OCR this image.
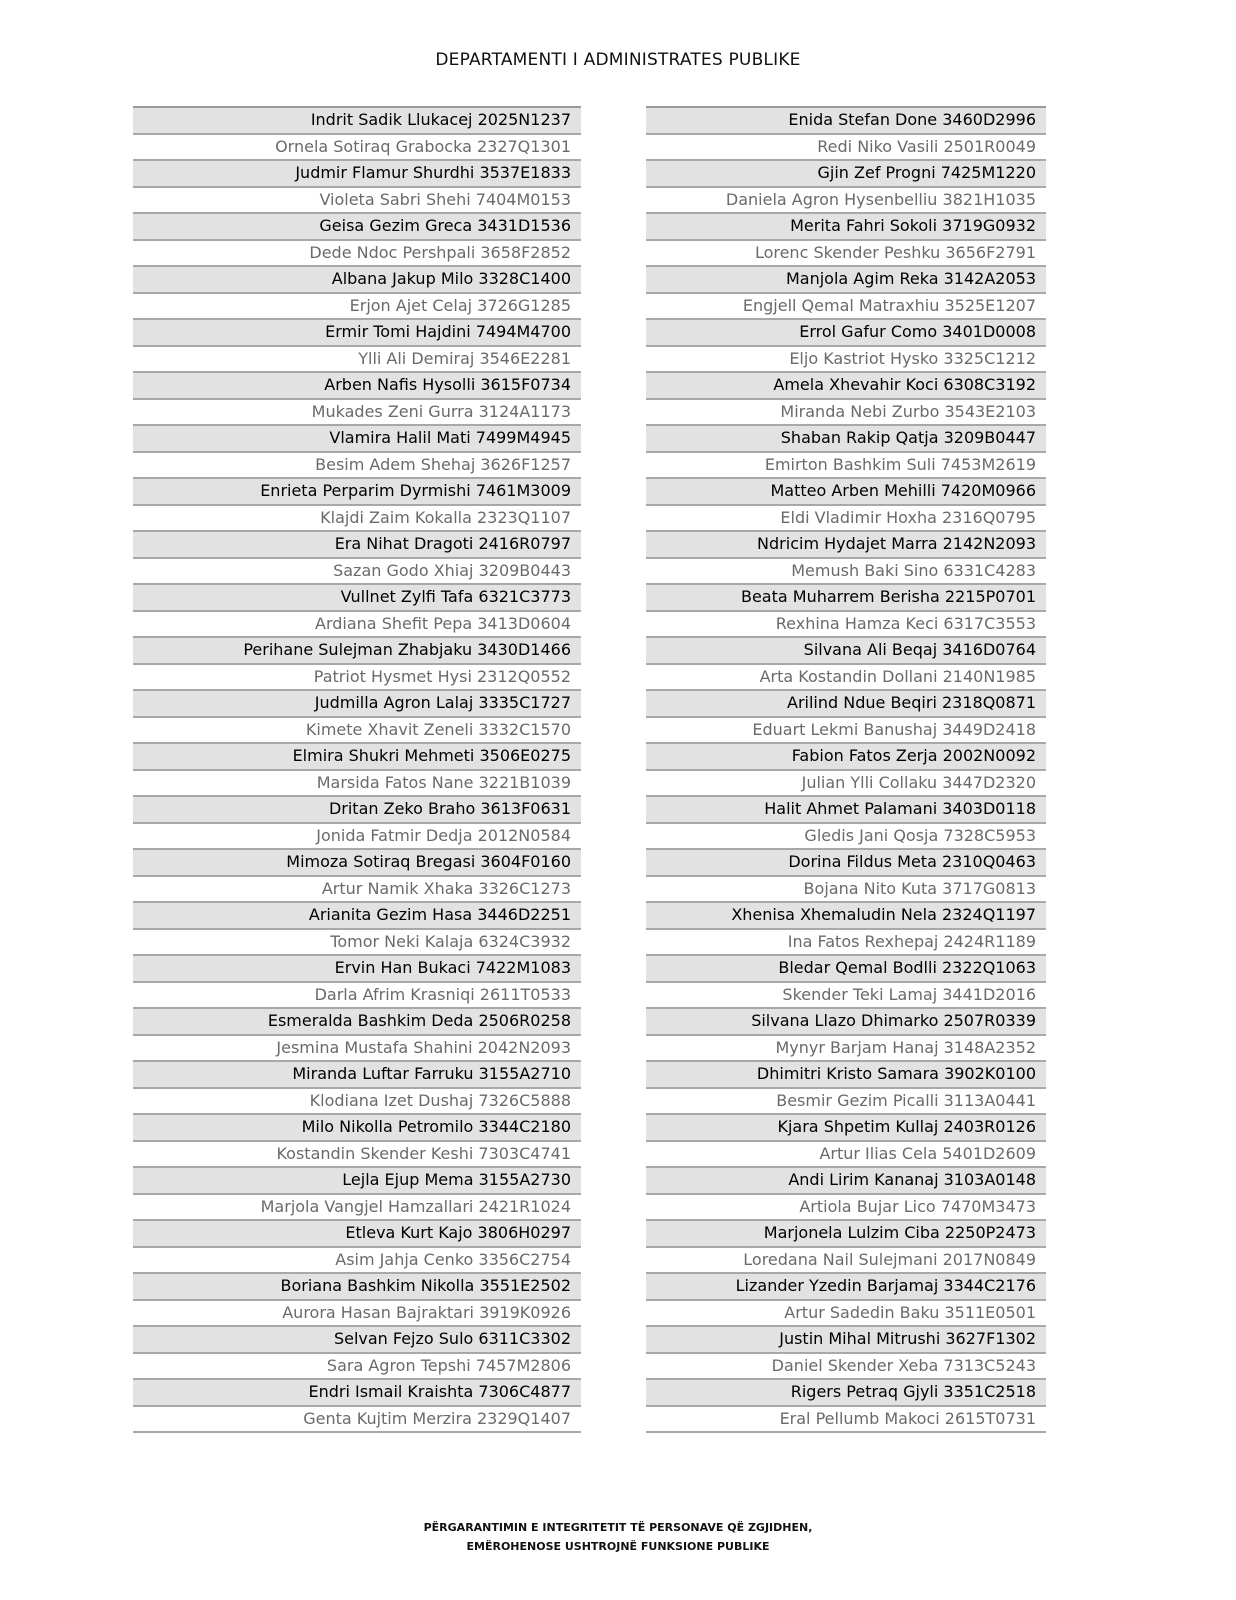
DEPARTAMENTI I ADMINISTRATES PUBLIKE
Indrit Sadik Llukacej 2025N1237
Ornela Sotiraq Grabocka 2327Q1301
Judmir Flamur Shurdhi 3537E1833
Violeta Sabri Shehi 7404M0153
Geisa Gezim Greca 3431D1536
Dede Ndoc Pershpali 3658F2852
Albana Jakup Milo 3328C1400
Erjon Ajet Celaj 3726G1285
Ermir Tomi Hajdini 7494M4700
Ylli Ali Demiraj 3546E2281
Arben Nafis Hysolli 3615F0734
Mukades Zeni Gurra 3124A1173
Vlamira Halil Mati 7499M4945
Besim Adem Shehaj 3626F1257
Enrieta Perparim Dyrmishi 7461M3009
Klajdi Zaim Kokalla 2323Q1107
Era Nihat Dragoti 2416R0797
Sazan Godo Xhiaj 3209B0443
Vullnet Zylfi Tafa 6321C3773
Ardiana Shefit Pepa 3413D0604
Perihane Sulejman Zhabjaku 3430D1466
Patriot Hysmet Hysi 2312Q0552
Judmilla Agron Lalaj 3335C1727
Kimete Xhavit Zeneli 3332C1570
Elmira Shukri Mehmeti 3506E0275
Marsida Fatos Nane 3221B1039
Dritan Zeko Braho 3613F0631
Jonida Fatmir Dedja 2012N0584
Mimoza Sotiraq Bregasi 3604F0160
Artur Namik Xhaka 3326C1273
Arianita Gezim Hasa 3446D2251
Tomor Neki Kalaja 6324C3932
Ervin Han Bukaci 7422M1083
Darla Afrim Krasniqi 2611T0533
Esmeralda Bashkim Deda 2506R0258
Jesmina Mustafa Shahini 2042N2093
Miranda Luftar Farruku 3155A2710
Klodiana Izet Dushaj 7326C5888
Milo Nikolla Petromilo 3344C2180
Kostandin Skender Keshi 7303C4741
Lejla Ejup Mema 3155A2730
Marjola Vangjel Hamzallari 2421R1024
Etleva Kurt Kajo 3806H0297
Asim Jahja Cenko 3356C2754
Boriana Bashkim Nikolla 3551E2502
Aurora Hasan Bajraktari 3919K0926
Selvan Fejzo Sulo 6311C3302
Sara Agron Tepshi 7457M2806
Endri Ismail Kraishta 7306C4877
Genta Kujtim Merzira 2329Q1407
Enida Stefan Done 3460D2996
Redi Niko Vasili 2501R0049
Gjin Zef Progni 7425M1220
Daniela Agron Hysenbelliu 3821H1035
Merita Fahri Sokoli 3719G0932
Lorenc Skender Peshku 3656F2791
Manjola Agim Reka 3142A2053
Engjell Qemal Matraxhiu 3525E1207
Errol Gafur Como 3401D0008
Eljo Kastriot Hysko 3325C1212
Amela Xhevahir Koci 6308C3192
Miranda Nebi Zurbo 3543E2103
Shaban Rakip Qatja 3209B0447
Emirton Bashkim Suli 7453M2619
Matteo Arben Mehilli 7420M0966
Eldi Vladimir Hoxha 2316Q0795
Ndricim Hydajet Marra 2142N2093
Memush Baki Sino 6331C4283
Beata Muharrem Berisha 2215P0701
Rexhina Hamza Keci 6317C3553
Silvana Ali Beqaj 3416D0764
Arta Kostandin Dollani 2140N1985
Arilind Ndue Beqiri 2318Q0871
Eduart Lekmi Banushaj 3449D2418
Fabion Fatos Zerja 2002N0092
Julian Ylli Collaku 3447D2320
Halit Ahmet Palamani 3403D0118
Gledis Jani Qosja 7328C5953
Dorina Fildus Meta 2310Q0463
Bojana Nito Kuta 3717G0813
Xhenisa Xhemaludin Nela 2324Q1197
Ina Fatos Rexhepaj 2424R1189
Bledar Qemal Bodlli 2322Q1063
Skender Teki Lamaj 3441D2016
Silvana Llazo Dhimarko 2507R0339
Mynyr Barjam Hanaj 3148A2352
Dhimitri Kristo Samara 3902K0100
Besmir Gezim Picalli 3113A0441
Kjara Shpetim Kullaj 2403R0126
Artur Ilias Cela 5401D2609
Andi Lirim Kananaj 3103A0148
Artiola Bujar Lico 7470M3473
Marjonela Lulzim Ciba 2250P2473
Loredana Nail Sulejmani 2017N0849
Lizander Yzedin Barjamaj 3344C2176
Artur Sadedin Baku 3511E0501
Justin Mihal Mitrushi 3627F1302
Daniel Skender Xeba 7313C5243
Rigers Petraq Gjyli 3351C2518
Eral Pellumb Makoci 2615T0731
PËRGARANTIMIN E INTEGRITETIT TË PERSONAVE QË ZGJIDHEN,
EMËROHENOSE USHTROJNË FUNKSIONE PUBLIKE
